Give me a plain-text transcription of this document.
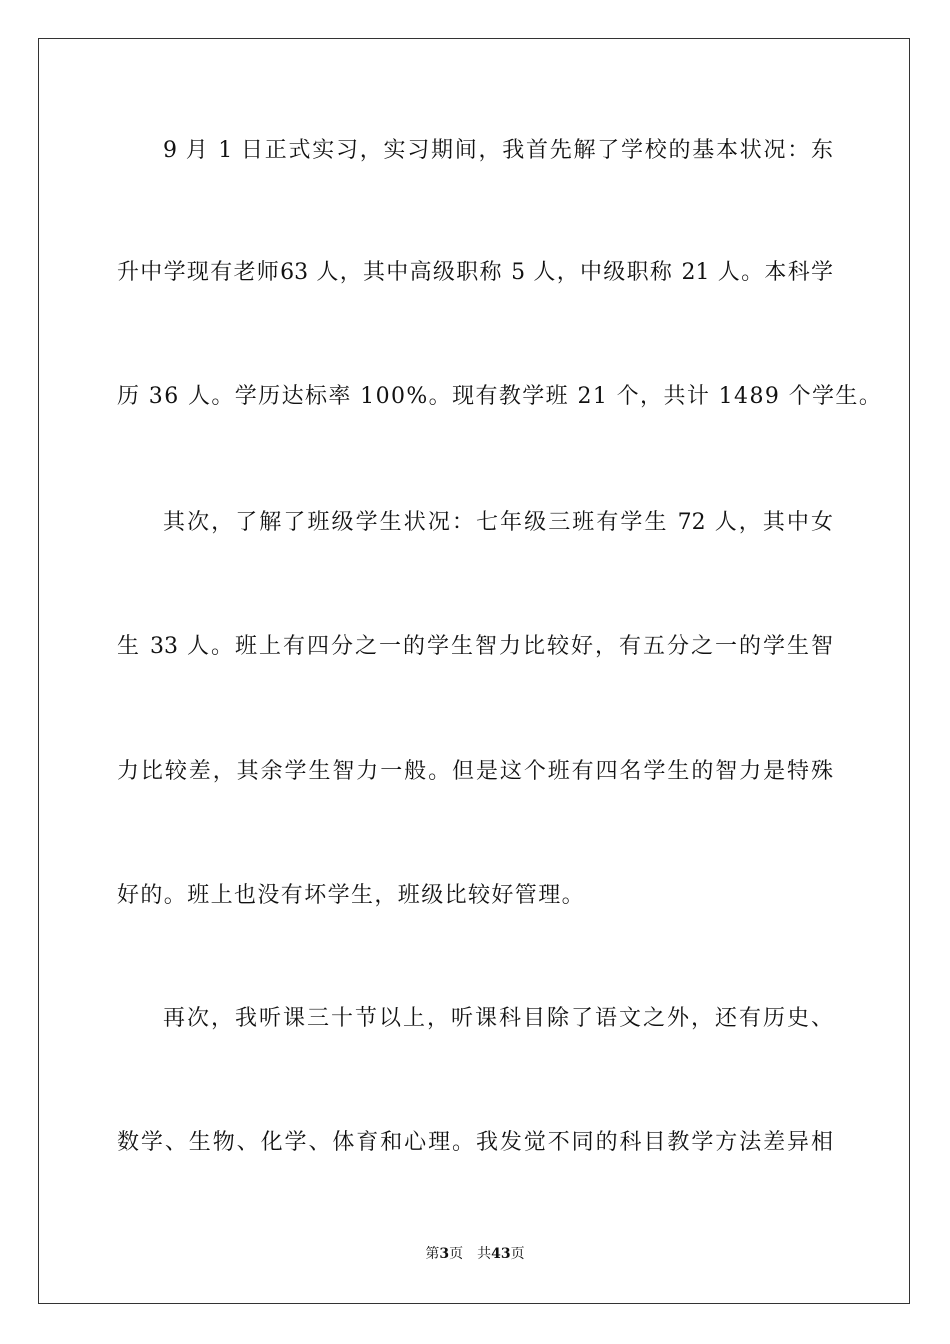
9 月 1 日正式实习，实习期间，我首先解了学校的基本状况：东
升中学现有老师63 人，其中高级职称 5 人，中级职称 21 人。本科学
历 36 人。学历达标率 100%。现有教学班 21 个，共计 1489 个学生。
其次，了解了班级学生状况：七年级三班有学生 72 人，其中女
生 33 人。班上有四分之一的学生智力比较好，有五分之一的学生智
力比较差，其余学生智力一般。但是这个班有四名学生的智力是特殊
好的。班上也没有坏学生，班级比较好管理。
再次，我听课三十节以上，听课科目除了语文之外，还有历史、
数学、生物、化学、体育和心理。我发觉不同的科目教学方法差异相
第3页 共43页
